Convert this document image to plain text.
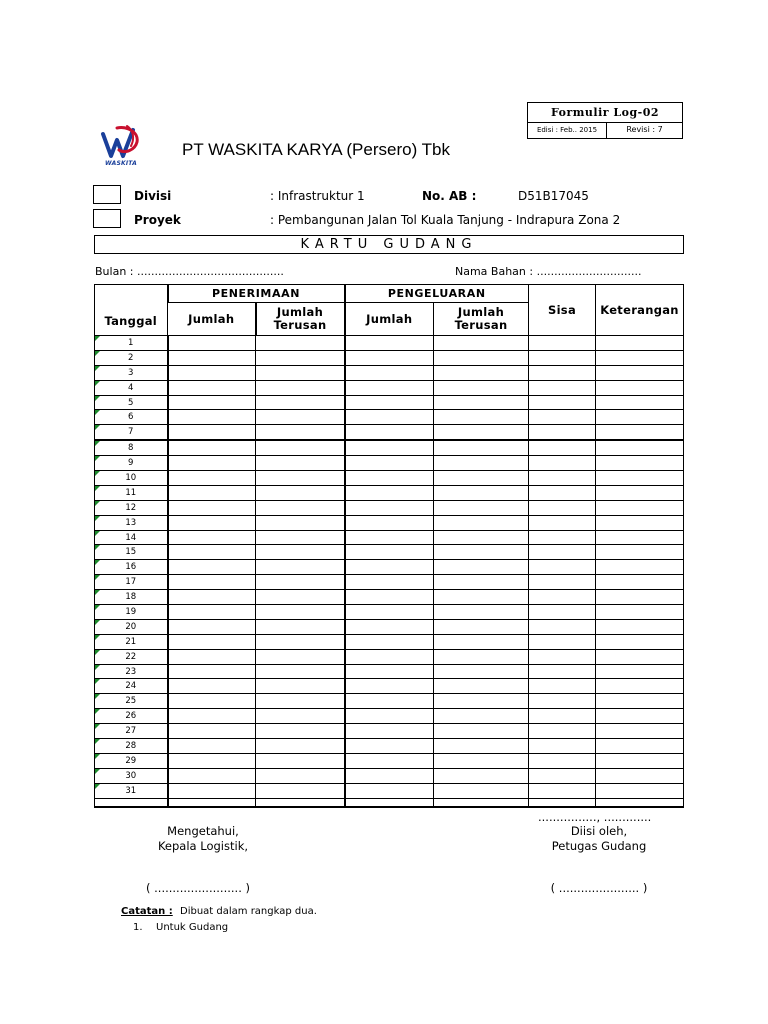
Formulir Log-02
Edisi : Feb.. 2015	Revisi : 7
WASKITA
PT WASKITA KARYA (Persero) Tbk
Divisi	: Infrastruktur 1	No. AB :	D51B17045
Proyek	: Pembangunan Jalan Tol Kuala Tanjung - Indrapura Zona 2
KARTU GUDANG
Bulan : ..........................................	Nama Bahan : ..............................
Tanggal	PENERIMAAN		PENGELUARAN		Sisa	Keterangan
	Jumlah	Jumlah Terusan	Jumlah	Jumlah Terusan		

1						

2						

3						

4						

5						

6						

7						

8						

9						

10						

11						

12						

13						

14						

15						

16						

17						

18						

19						

20						

21						

22						

23						

24						

25						

26						

27						

28						

29						

30						

31						

................, .............
Mengetahui,
Kepala Logistik,
Diisi oleh,
Petugas Gudang
( ........................ )	( ...................... )
Catatan : Dibuat dalam rangkap dua.
1. Untuk Gudang
